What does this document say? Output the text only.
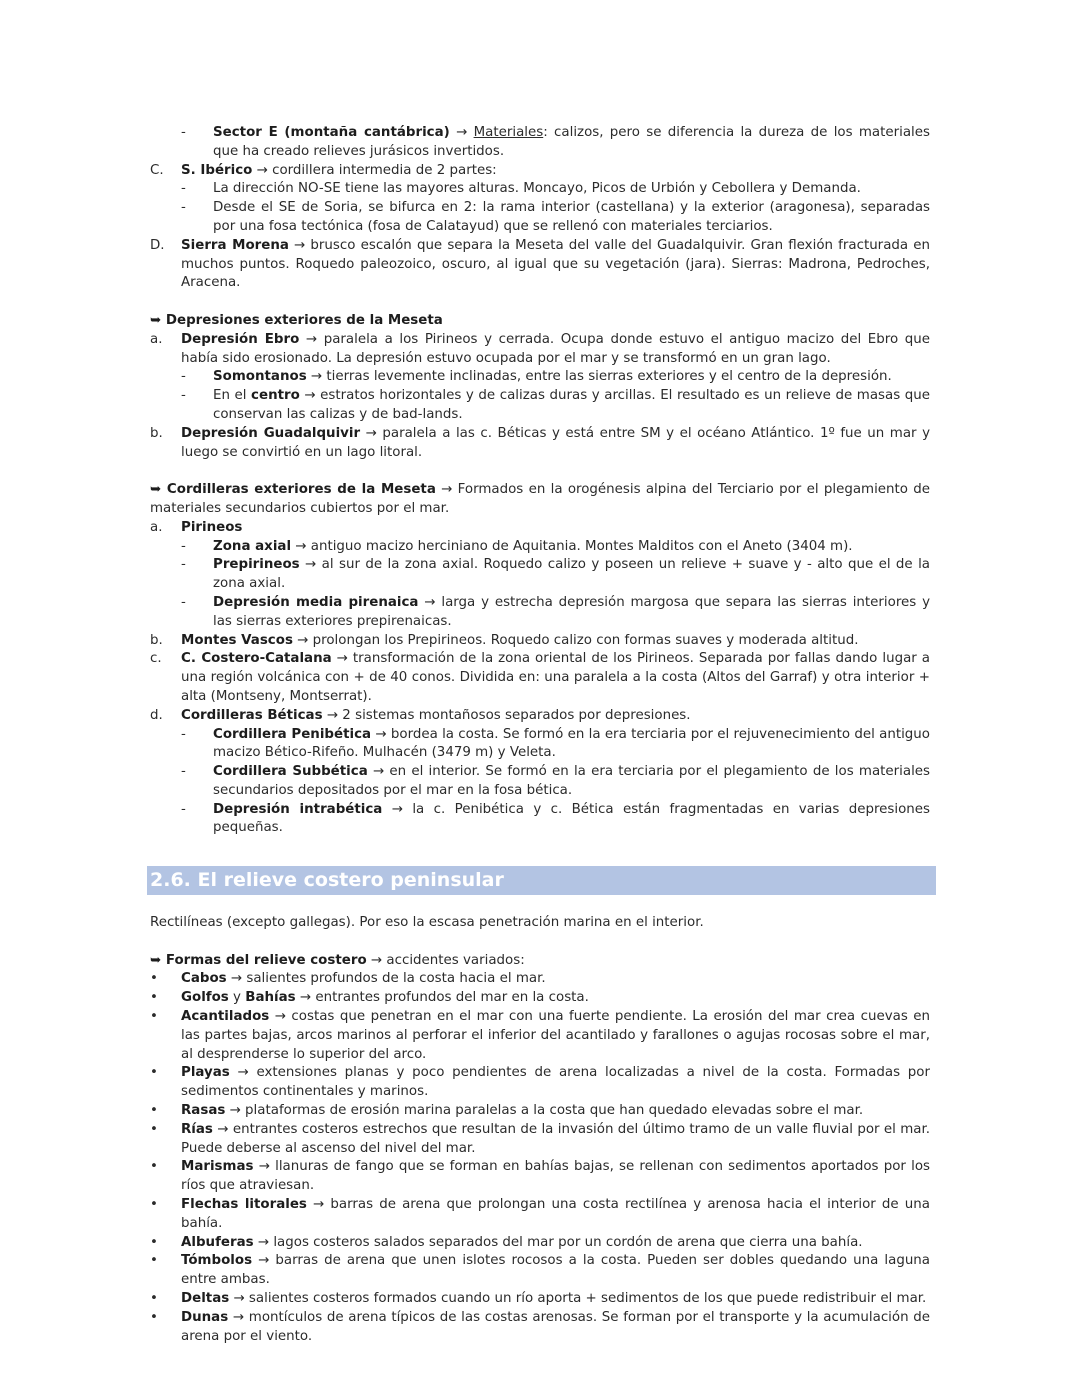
- Sector E (montaña cantábrica) → Materiales: calizos, pero se diferencia la dureza de los materiales que ha creado relieves jurásicos invertidos.
C. S. Ibérico → cordillera intermedia de 2 partes:
- La dirección NO-SE tiene las mayores alturas. Moncayo, Picos de Urbión y Cebollera y Demanda.
- Desde el SE de Soria, se bifurca en 2: la rama interior (castellana) y la exterior (aragonesa), separadas por una fosa tectónica (fosa de Calatayud) que se rellenó con materiales terciarios.
D. Sierra Morena → brusco escalón que separa la Meseta del valle del Guadalquivir. Gran flexión fracturada en muchos puntos. Roquedo paleozoico, oscuro, al igual que su vegetación (jara). Sierras: Madrona, Pedroches, Aracena.
➥ Depresiones exteriores de la Meseta
a. Depresión Ebro → paralela a los Pirineos y cerrada. Ocupa donde estuvo el antiguo macizo del Ebro que había sido erosionado. La depresión estuvo ocupada por el mar y se transformó en un gran lago.
- Somontanos → tierras levemente inclinadas, entre las sierras exteriores y el centro de la depresión.
- En el centro → estratos horizontales y de calizas duras y arcillas. El resultado es un relieve de masas que conservan las calizas y de bad-lands.
b. Depresión Guadalquivir → paralela a las c. Béticas y está entre SM y el océano Atlántico. 1º fue un mar y luego se convirtió en un lago litoral.
➥ Cordilleras exteriores de la Meseta → Formados en la orogénesis alpina del Terciario por el plegamiento de materiales secundarios cubiertos por el mar.
a. Pirineos
- Zona axial → antiguo macizo herciniano de Aquitania. Montes Malditos con el Aneto (3404 m).
- Prepirineos → al sur de la zona axial. Roquedo calizo y poseen un relieve + suave y - alto que el de la zona axial.
- Depresión media pirenaica → larga y estrecha depresión margosa que separa las sierras interiores y las sierras exteriores prepirenaicas.
b. Montes Vascos → prolongan los Prepirineos. Roquedo calizo con formas suaves y moderada altitud.
c. C. Costero-Catalana → transformación de la zona oriental de los Pirineos. Separada por fallas dando lugar a una región volcánica con + de 40 conos. Dividida en: una paralela a la costa (Altos del Garraf) y otra interior + alta (Montseny, Montserrat).
d. Cordilleras Béticas → 2 sistemas montañosos separados por depresiones.
- Cordillera Penibética → bordea la costa. Se formó en la era terciaria por el rejuvenecimiento del antiguo macizo Bético-Rifeño. Mulhacén (3479 m) y Veleta.
- Cordillera Subbética → en el interior. Se formó en la era terciaria por el plegamiento de los materiales secundarios depositados por el mar en la fosa bética.
- Depresión intrabética → la c. Penibética y c. Bética están fragmentadas en varias depresiones pequeñas.
2.6. El relieve costero peninsular
Rectilíneas (excepto gallegas). Por eso la escasa penetración marina en el interior.
➥ Formas del relieve costero → accidentes variados:
• Cabos → salientes profundos de la costa hacia el mar.
• Golfos y Bahías → entrantes profundos del mar en la costa.
• Acantilados → costas que penetran en el mar con una fuerte pendiente. La erosión del mar crea cuevas en las partes bajas, arcos marinos al perforar el inferior del acantilado y farallones o agujas rocosas sobre el mar, al desprenderse lo superior del arco.
• Playas → extensiones planas y poco pendientes de arena localizadas a nivel de la costa. Formadas por sedimentos continentales y marinos.
• Rasas → plataformas de erosión marina paralelas a la costa que han quedado elevadas sobre el mar.
• Rías → entrantes costeros estrechos que resultan de la invasión del último tramo de un valle fluvial por el mar. Puede deberse al ascenso del nivel del mar.
• Marismas → llanuras de fango que se forman en bahías bajas, se rellenan con sedimentos aportados por los ríos que atraviesan.
• Flechas litorales → barras de arena que prolongan una costa rectilínea y arenosa hacia el interior de una bahía.
• Albuferas → lagos costeros salados separados del mar por un cordón de arena que cierra una bahía.
• Tómbolos → barras de arena que unen islotes rocosos a la costa. Pueden ser dobles quedando una laguna entre ambas.
• Deltas → salientes costeros formados cuando un río aporta + sedimentos de los que puede redistribuir el mar.
• Dunas → montículos de arena típicos de las costas arenosas. Se forman por el transporte y la acumulación de arena por el viento.
